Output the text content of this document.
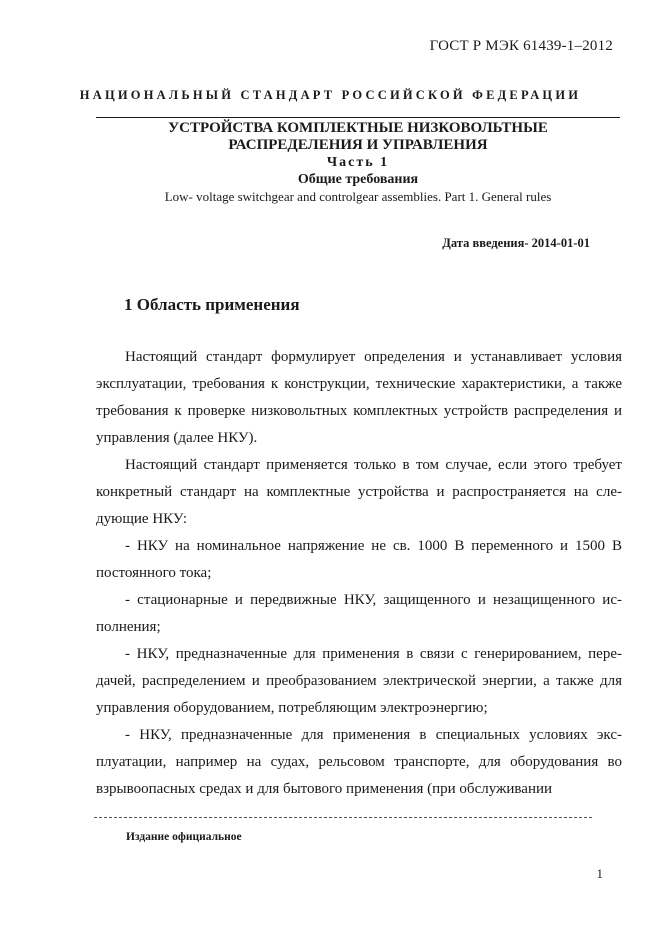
ГОСТ Р МЭК 61439-1–2012
НАЦИОНАЛЬНЫЙ СТАНДАРТ РОССИЙСКОЙ ФЕДЕРАЦИИ
УСТРОЙСТВА КОМПЛЕКТНЫЕ НИЗКОВОЛЬТНЫЕ
РАСПРЕДЕЛЕНИЯ И УПРАВЛЕНИЯ
Часть 1
Общие требования
Low- voltage switchgear and controlgear assemblies. Part 1. General rules
Дата введения- 2014-01-01
1 Область применения

Настоящий стандарт формулирует определения и устанавливает условия эксплуатации, требования к конструкции, технические характеристики, а также требования к проверке низковольтных комплектных устройств распределения и управления (далее НКУ).

Настоящий стандарт применяется только в том случае, если этого требует конкретный стандарт на комплектные устройства и распространяется на следующие НКУ:

- НКУ на номинальное напряжение не св. 1000 В переменного и 1500 В постоянного тока;

- стационарные и передвижные НКУ, защищенного и незащищенного исполнения;

- НКУ, предназначенные для применения в связи с генерированием, передачей, распределением и преобразованием электрической энергии, а также для управления оборудованием, потребляющим электроэнергию;

- НКУ, предназначенные для применения в специальных условиях эксплуатации, например на судах, рельсовом транспорте, для оборудования во взрывоопасных средах и для бытового применения (при обслуживании

Издание официальное
1
